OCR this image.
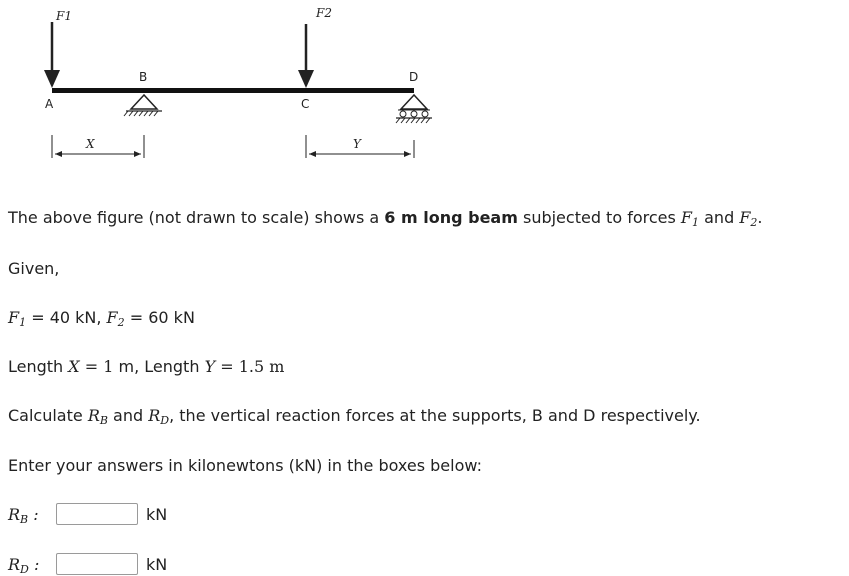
F1	F2
A
B
C
D
X	Y

The above figure (not drawn to scale) shows a 6 m long beam subjected to forces $F_1$ and $F_2$.

Given,

$F_1 = 40$ kN, $F_2 = 60$ kN

Length X = 1 m, Length Y = 1.5 m

Calculate $R_B$ and $R_D$, the vertical reaction forces at the supports, B and D respectively.

Enter your answers in kilonewtons (kN) in the boxes below:

$R_B$ :	kN
$R_D$ :	kN
